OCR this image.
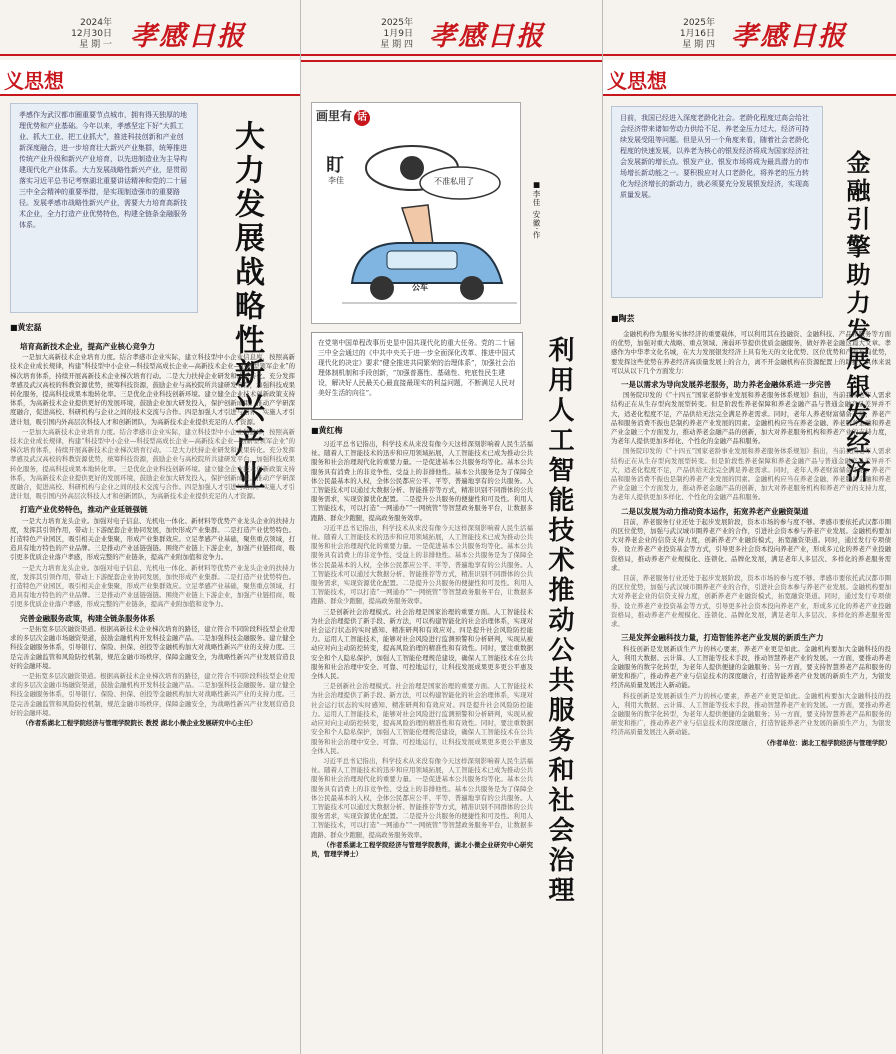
2024年
12月30日
星 期 一 孝感日报
义思想
孝感作为武汉都市圈重要节点城市，拥有得天独厚的地理优势和产业基础。今年以来，孝感坚定下好“大抓工业、抓大工业、把工业抓大”，推进科技创新和产业创新深度融合，进一步培育壮大新兴产业集群，统筹推进传统产业升级和新兴产业培育，以先进制造业为主导构建现代化产业体系。大力发展战略性新兴产业，是贯彻落实习近平总书记考察湖北重要讲话精神和党的二十届三中全会精神的重要举措，是实现制造强市的重要路径。发展孝感市战略性新兴产业，需要大力培育高新技术企业，全力打造产业优势特色，构建全链条金融服务体系。	大力发展战略性新兴产业
■黄宏磊
培育高新技术企业，提高产业核心竞争力

一是加大高新技术企业培育力度。结合孝感市企业实际，建立科技型中小企业信息库，按照高新技术企业成长规律，构建“科技型中小企业—科技型高成长企业—高新技术企业—创新型领军企业”的梯次培育体系，持续开展高新技术企业梯次培育行动。二是大力扶持企业研发和成果转化。充分发挥孝感及武汉高校的科教资源优势，统筹科技资源，鼓励企业与高校院所共建研发平台，加强科技成果转化服务，提高科技成果本地转化率。三是优化企业科技创新环境。建立健全企业技术创新政策支持体系，为高新技术企业提供更好的发展环境，鼓励企业加大研发投入，保护创新成果。推动产学研深度融合，促进高校、科研机构与企业之间的技术交流与合作。四是加强人才引进与培养。实施人才引进计划，吸引国内外高层次科技人才和创新团队，为高新技术企业提供充足的人才资源。

一是加大高新技术企业培育力度。结合孝感市企业实际，建立科技型中小企业信息库，按照高新技术企业成长规律，构建“科技型中小企业—科技型高成长企业—高新技术企业—创新型领军企业”的梯次培育体系，持续开展高新技术企业梯次培育行动。二是大力扶持企业研发和成果转化。充分发挥孝感及武汉高校的科教资源优势，统筹科技资源，鼓励企业与高校院所共建研发平台，加强科技成果转化服务，提高科技成果本地转化率。三是优化企业科技创新环境。建立健全企业技术创新政策支持体系，为高新技术企业提供更好的发展环境，鼓励企业加大研发投入，保护创新成果。推动产学研深度融合，促进高校、科研机构与企业之间的技术交流与合作。四是加强人才引进与培养。实施人才引进计划，吸引国内外高层次科技人才和创新团队，为高新技术企业提供充足的人才资源。

打造产业优势特色，推动产业延链强链

一是大力培育龙头企业。加强对电子信息、光机电一体化、新材料等优势产业龙头企业的扶持力度，发挥其引领作用，带动上下游配套企业协同发展，加快形成产业集群。二是打造产业优势特色。打造特色产业园区，吸引相关企业集聚，形成产业集群效应。立足孝感产业基础，聚焦重点领域，打造具有地方特色的产业品牌。三是推动产业延链强链。围绕产业链上下游企业，加强产业链招商，吸引更多优质企业落户孝感，形成完整的产业链条，提高产业附加值和竞争力。

一是大力培育龙头企业。加强对电子信息、光机电一体化、新材料等优势产业龙头企业的扶持力度，发挥其引领作用，带动上下游配套企业协同发展，加快形成产业集群。二是打造产业优势特色。打造特色产业园区，吸引相关企业集聚，形成产业集群效应。立足孝感产业基础，聚焦重点领域，打造具有地方特色的产业品牌。三是推动产业延链强链。围绕产业链上下游企业，加强产业链招商，吸引更多优质企业落户孝感，形成完整的产业链条，提高产业附加值和竞争力。

完善金融服务政策，构建全链条服务体系

一是拓宽多层次融资渠道。根据高新技术企业梯次培育的路径，建立符合不同阶段科技型企业需求的多层次金融市场融资渠道，鼓励金融机构开发科技金融产品。二是加强科技金融服务。建立健全科技金融服务体系，引导银行、保险、担保、创投等金融机构加大对战略性新兴产业的支持力度。三是完善金融监管和风险防控机制，规范金融市场秩序，保障金融安全，为战略性新兴产业发展营造良好的金融环境。

一是拓宽多层次融资渠道。根据高新技术企业梯次培育的路径，建立符合不同阶段科技型企业需求的多层次金融市场融资渠道，鼓励金融机构开发科技金融产品。二是加强科技金融服务。建立健全科技金融服务体系，引导银行、保险、担保、创投等金融机构加大对战略性新兴产业的支持力度。三是完善金融监管和风险防控机制，规范金融市场秩序，保障金融安全，为战略性新兴产业发展营造良好的金融环境。

（作者系湖北工程学院经济与管理学院院长 教授 湖北小微企业发展研究中心主任）

2025年
1月9日
星 期 四 孝感日报
画里有 话
盯
李佳	不准私用了
公车
■李佳 安徽·作
在党第中国单程改事历史显中国共现代化的重大任务。党的二十届三中全会通过的《中共中央关于进一步全面深化改革、推进中国式现代化的决定》要求“健全推进共同繁荣的治理体系”，加强社会治理体制机制和手段创新，“加强普惠性、基础性、兜底性民生建设，解决好人民最关心最直接最现实的利益问题，不断满足人民对美好生活的向往”。	利用人工智能技术推动公共服务和社会治理
■黄红梅

习近平总书记指出，科学技术从来没有像今天这样深刻影响着人民生活福祉。随着人工智能技术的迅步和应用领域拓展，人工智能技术已成为推动公共服务和社会治理现代化的重要力量。一是促进基本公共服务均等化。基本公共服务具有消费上的非竞争性、受益上的非排他性。基本公共服务是为了保障全体公民最基本的人权，全体公民都应公平、平等、普遍地享有的公共服务。人工智能技术可以通过大数据分析、智能推荐等方式，精准识别不同群体的公共服务需求，实现资源优化配置。二是提升公共服务的便捷性和可及性。利用人工智能技术，可以打造“一网通办”“一网统管”等智慧政务服务平台，让数据多跑路、群众少跑腿，提高政务服务效率。

习近平总书记指出，科学技术从来没有像今天这样深刻影响着人民生活福祉。随着人工智能技术的迅步和应用领域拓展，人工智能技术已成为推动公共服务和社会治理现代化的重要力量。一是促进基本公共服务均等化。基本公共服务具有消费上的非竞争性、受益上的非排他性。基本公共服务是为了保障全体公民最基本的人权，全体公民都应公平、平等、普遍地享有的公共服务。人工智能技术可以通过大数据分析、智能推荐等方式，精准识别不同群体的公共服务需求，实现资源优化配置。二是提升公共服务的便捷性和可及性。利用人工智能技术，可以打造“一网通办”“一网统管”等智慧政务服务平台，让数据多跑路、群众少跑腿，提高政务服务效率。

三是创新社会治理模式。社会治理是国家治理的重要方面。人工智能技术为社会治理提供了新手段、新方法，可以构建智能化的社会治理体系，实现对社会运行状态的实时感知、精准研判和有效应对。四是提升社会风险防控能力。运用人工智能技术，能够对社会风险进行监测预警和分析研判，实现从被动应对向主动防控转变，提高风险治理的精准性和有效性。同时，要注重数据安全和个人隐私保护，加强人工智能伦理规范建设，确保人工智能技术在公共服务和社会治理中安全、可靠、可控地运行，让科技发展成果更多更公平惠及全体人民。

三是创新社会治理模式。社会治理是国家治理的重要方面。人工智能技术为社会治理提供了新手段、新方法，可以构建智能化的社会治理体系，实现对社会运行状态的实时感知、精准研判和有效应对。四是提升社会风险防控能力。运用人工智能技术，能够对社会风险进行监测预警和分析研判，实现从被动应对向主动防控转变，提高风险治理的精准性和有效性。同时，要注重数据安全和个人隐私保护，加强人工智能伦理规范建设，确保人工智能技术在公共服务和社会治理中安全、可靠、可控地运行，让科技发展成果更多更公平惠及全体人民。

习近平总书记指出，科学技术从来没有像今天这样深刻影响着人民生活福祉。随着人工智能技术的迅步和应用领域拓展，人工智能技术已成为推动公共服务和社会治理现代化的重要力量。一是促进基本公共服务均等化。基本公共服务具有消费上的非竞争性、受益上的非排他性。基本公共服务是为了保障全体公民最基本的人权，全体公民都应公平、平等、普遍地享有的公共服务。人工智能技术可以通过大数据分析、智能推荐等方式，精准识别不同群体的公共服务需求，实现资源优化配置。二是提升公共服务的便捷性和可及性。利用人工智能技术，可以打造“一网通办”“一网统管”等智慧政务服务平台，让数据多跑路、群众少跑腿，提高政务服务效率。

（作者系湖北工程学院经济与管理学院教师，湖北小微企业研究中心研究员，管理学博士）

2025年
1月16日
星 期 四 孝感日报
义思想
目前，我国已经进入深度老龄化社会。老龄化程度过高会给社会经济带来诸如劳动力供给不足、养老金压力过大、经济可持续发展受阻等问题。但是从另一个角度来看，随着社会老龄化程度的快速发展，以养老为核心的银发经济将成为国家经济社会发展新的增长点。银发产业、银发市场将成为最具潜力的市场增长新动能之一。要积极应对人口老龄化，将养老的压力转化为经济增长的新动力，就必须要充分发展银发经济，实现高质量发展。	金融引擎助力发展银发经济
■陶芸

金融机构作为服务实体经济的重要载体，可以利用其在投融资、金融科技、产品和服务等方面的优势，加强对重大战略、重点领域、薄弱环节提供优质金融服务，做好养老金融这篇大文章。孝感作为中华孝文化名城，在大力发展银发经济上具有先天的文化优势、区位优势和产业布局优势，要发挥这些优势在养老经济高质量发展上的合力，离不开金融机构在资源配置上的助推，具体来说可以从以下几个方面发力：

一是以需求为导向发展养老服务，助力养老金融体系进一步完善

国务院印发的《“十四五”国家老龄事业发展和养老服务体系规划》指出，当前我国老年人需求结构正在从生存型向发展型转变。但是阶段性养老保障和养老金融产品与普通金融产品差异并不大，适老化程度不足，产品供给无法完全满足养老需求。同时，老年人养老财富储备不足，养老产品和服务消费不振也是制约养老产业发展的因素。金融机构应当在养老金融、养老服务金融和养老产业金融三个方面发力，推动养老金融产品的创新，加大对养老服务机构和养老产业的支持力度，为老年人提供更加多样化、个性化的金融产品和服务。

国务院印发的《“十四五”国家老龄事业发展和养老服务体系规划》指出，当前我国老年人需求结构正在从生存型向发展型转变。但是阶段性养老保障和养老金融产品与普通金融产品差异并不大，适老化程度不足，产品供给无法完全满足养老需求。同时，老年人养老财富储备不足，养老产品和服务消费不振也是制约养老产业发展的因素。金融机构应当在养老金融、养老服务金融和养老产业金融三个方面发力，推动养老金融产品的创新，加大对养老服务机构和养老产业的支持力度，为老年人提供更加多样化、个性化的金融产品和服务。

二是以发展为动力推动资本运作，拓宽养老产业融资渠道

目前，养老服务行业还处于起步发展阶段，资本市场的参与度不够。孝感市要依托武汉都市圈的区位优势，加强与武汉城市圈养老产业的合作，引进社会资本参与养老产业发展。金融机构要加大对养老企业的信贷支持力度，创新养老产业融资模式，拓宽融资渠道。同时，通过发行专项债券、设立养老产业投资基金等方式，引导更多社会资本投向养老产业，形成多元化的养老产业投融资格局，推动养老产业规模化、连锁化、品牌化发展，满足老年人多层次、多样化的养老服务需求。

目前，养老服务行业还处于起步发展阶段，资本市场的参与度不够。孝感市要依托武汉都市圈的区位优势，加强与武汉城市圈养老产业的合作，引进社会资本参与养老产业发展。金融机构要加大对养老企业的信贷支持力度，创新养老产业融资模式，拓宽融资渠道。同时，通过发行专项债券、设立养老产业投资基金等方式，引导更多社会资本投向养老产业，形成多元化的养老产业投融资格局，推动养老产业规模化、连锁化、品牌化发展，满足老年人多层次、多样化的养老服务需求。

三是发挥金融科技力量，打造智能养老产业发展的新质生产力

科技创新是发展新质生产力的核心要素，养老产业更是如此。金融机构要加大金融科技的投入，利用大数据、云计算、人工智能等技术手段，推动智慧养老产业的发展。一方面，要推动养老金融服务的数字化转型，为老年人提供便捷的金融服务；另一方面，要支持智慧养老产品和服务的研发和推广，推动养老产业与信息技术的深度融合，打造智能养老产业发展的新质生产力，为银发经济高质量发展注入新动能。

科技创新是发展新质生产力的核心要素，养老产业更是如此。金融机构要加大金融科技的投入，利用大数据、云计算、人工智能等技术手段，推动智慧养老产业的发展。一方面，要推动养老金融服务的数字化转型，为老年人提供便捷的金融服务；另一方面，要支持智慧养老产品和服务的研发和推广，推动养老产业与信息技术的深度融合，打造智能养老产业发展的新质生产力，为银发经济高质量发展注入新动能。

（作者单位：湖北工程学院经济与管理学院）
